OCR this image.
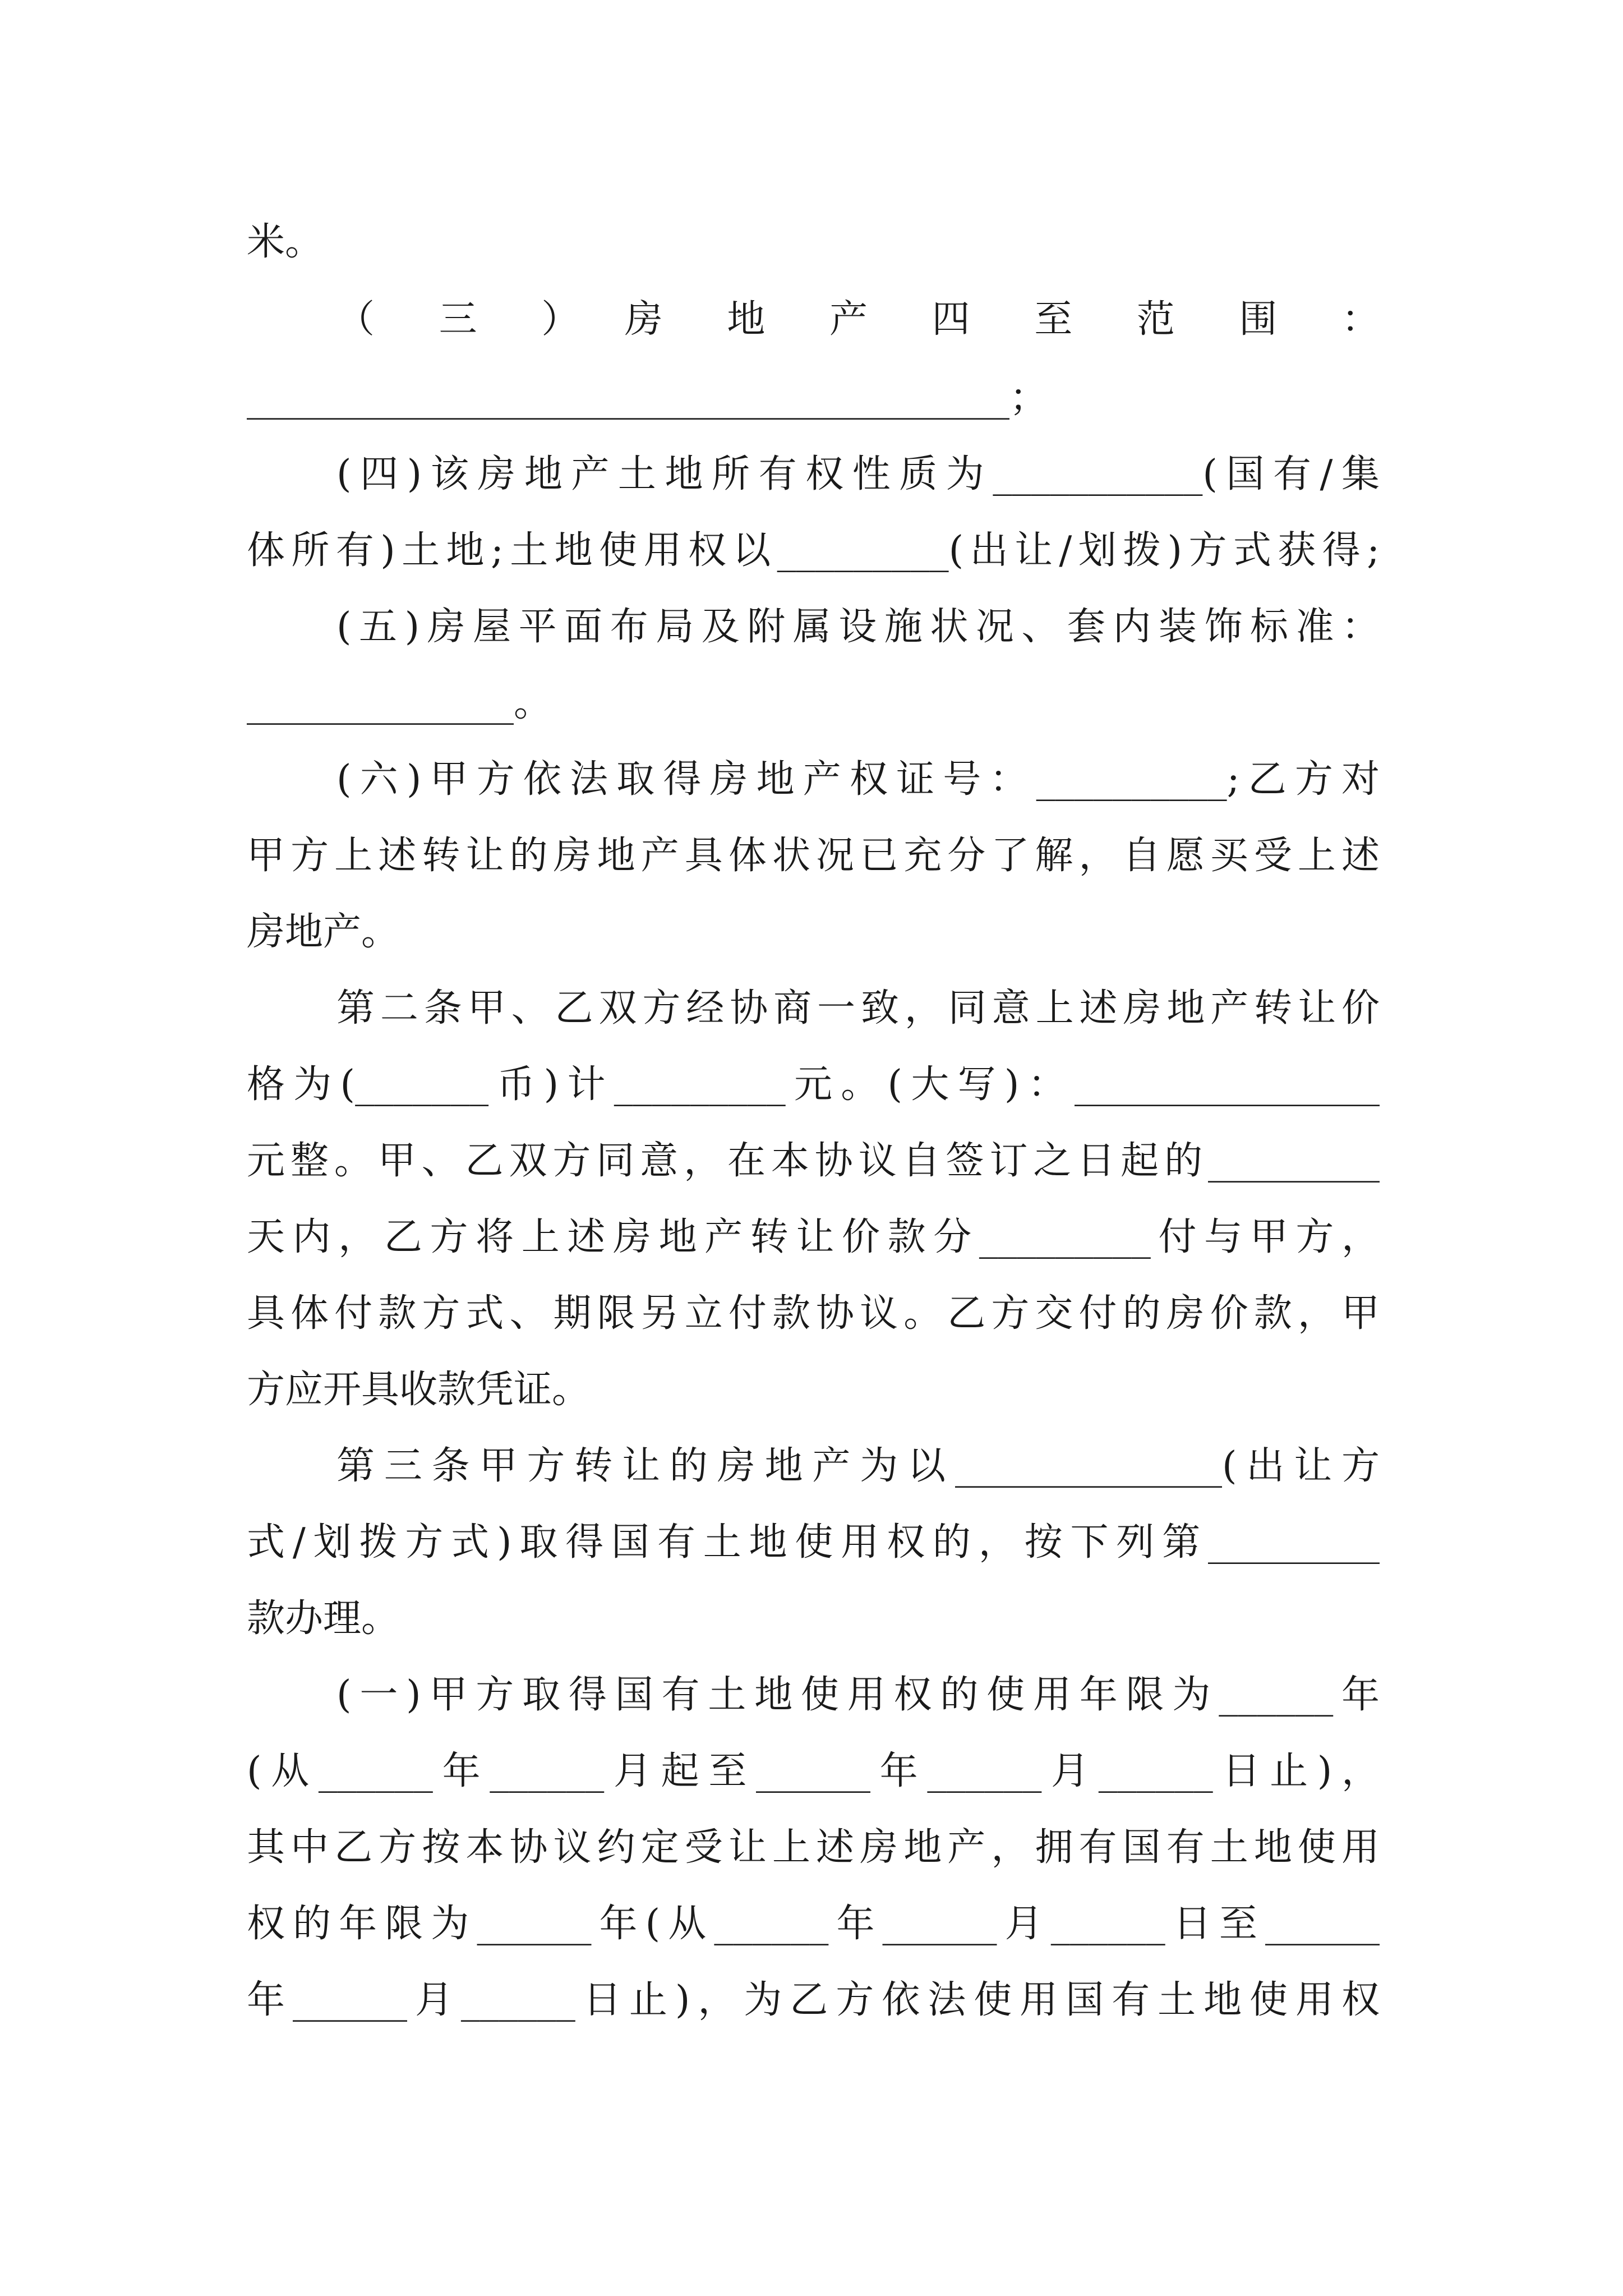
米。
（　三　）　房　地　产　四　至　范　围　：
________________________________________；
(四)该房地产土地所有权性质为___________(国有/集
体所有)土地;土地使用权以_________(出让/划拨)方式获得;
(五)房屋平面布局及附属设施状况、套内装饰标准：
______________。
(六)甲方依法取得房地产权证号：__________;乙方对
甲方上述转让的房地产具体状况已充分了解，自愿买受上述
房地产。
第二条甲、乙双方经协商一致，同意上述房地产转让价
格为(_______币)计_________元。(大写)：________________
元整。甲、乙双方同意，在本协议自签订之日起的_________
天内，乙方将上述房地产转让价款分_________付与甲方，
具体付款方式、期限另立付款协议。乙方交付的房价款，甲
方应开具收款凭证。
第三条甲方转让的房地产为以______________(出让方
式/划拨方式)取得国有土地使用权的，按下列第_________
款办理。
(一)甲方取得国有土地使用权的使用年限为______年
(从______年______月起至______年______月______日止)，
其中乙方按本协议约定受让上述房地产，拥有国有土地使用
权的年限为______年(从______年______月______日至______
年______月______日止)，为乙方依法使用国有土地使用权
